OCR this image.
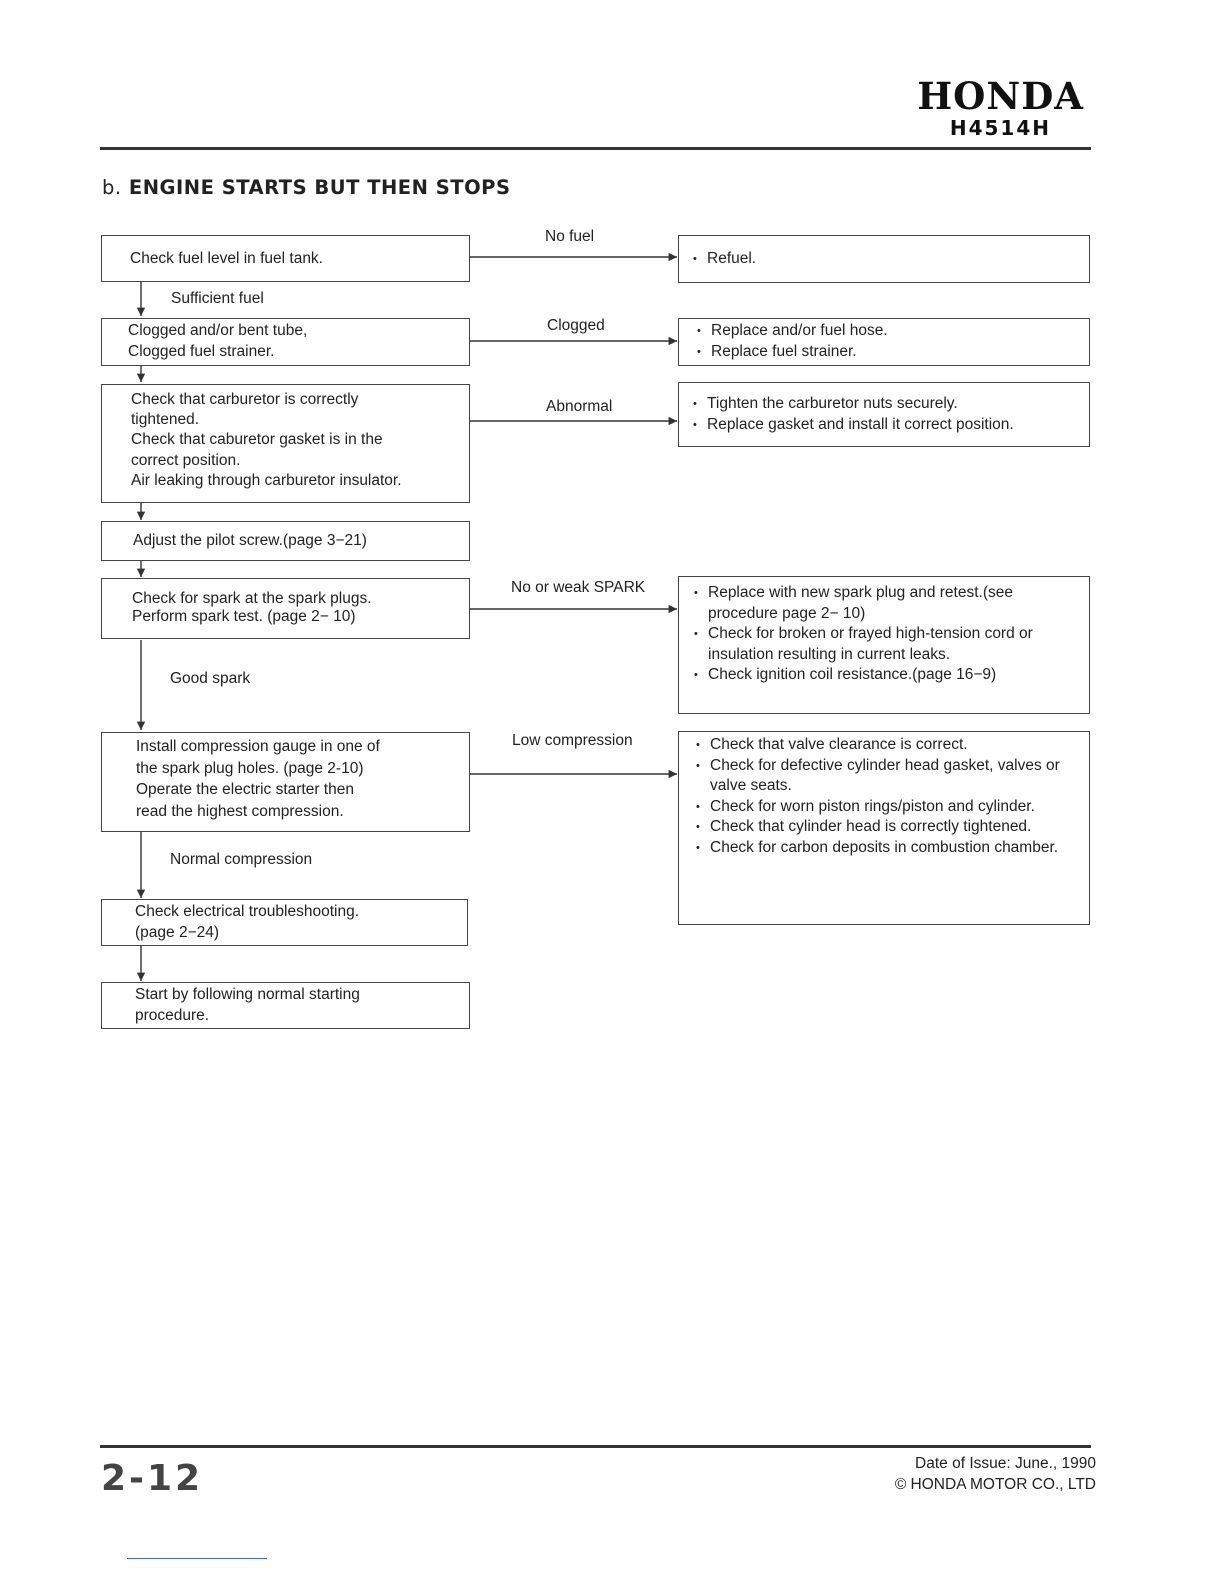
HONDA
H4514H
b. ENGINE STARTS BUT THEN STOPS
Check fuel level in fuel tank.
Sufficient fuel
Clogged and/or bent tube,
Clogged fuel strainer.
Check that carburetor is correctly
tightened.
Check that caburetor gasket is in the
correct position.
Air leaking through carburetor insulator.
Adjust the pilot screw.(page 3−21)
Check for spark at the spark plugs.
Perform spark test. (page 2− 10)
Good spark
Install compression gauge in one of
the spark plug holes. (page 2-10)
Operate the electric starter then
read the highest compression.
Normal compression
Check electrical troubleshooting.
(page 2−24)
Start by following normal starting
procedure.
No fuel
Clogged
Abnormal
No or weak SPARK
Low compression
• Refuel.
• Replace and/or fuel hose.
• Replace fuel strainer.
• Tighten the carburetor nuts securely.
• Replace gasket and install it correct position.
• Replace with new spark plug and retest.(see procedure page 2− 10)
• Check for broken or frayed high-tension cord or insulation resulting in current leaks.
• Check ignition coil resistance.(page 16−9)
• Check that valve clearance is correct.
• Check for defective cylinder head gasket, valves or valve seats.
• Check for worn piston rings/piston and cylinder.
• Check that cylinder head is correctly tightened.
• Check for carbon deposits in combustion chamber.
2-12	Date of Issue: June., 1990
© HONDA MOTOR CO., LTD
